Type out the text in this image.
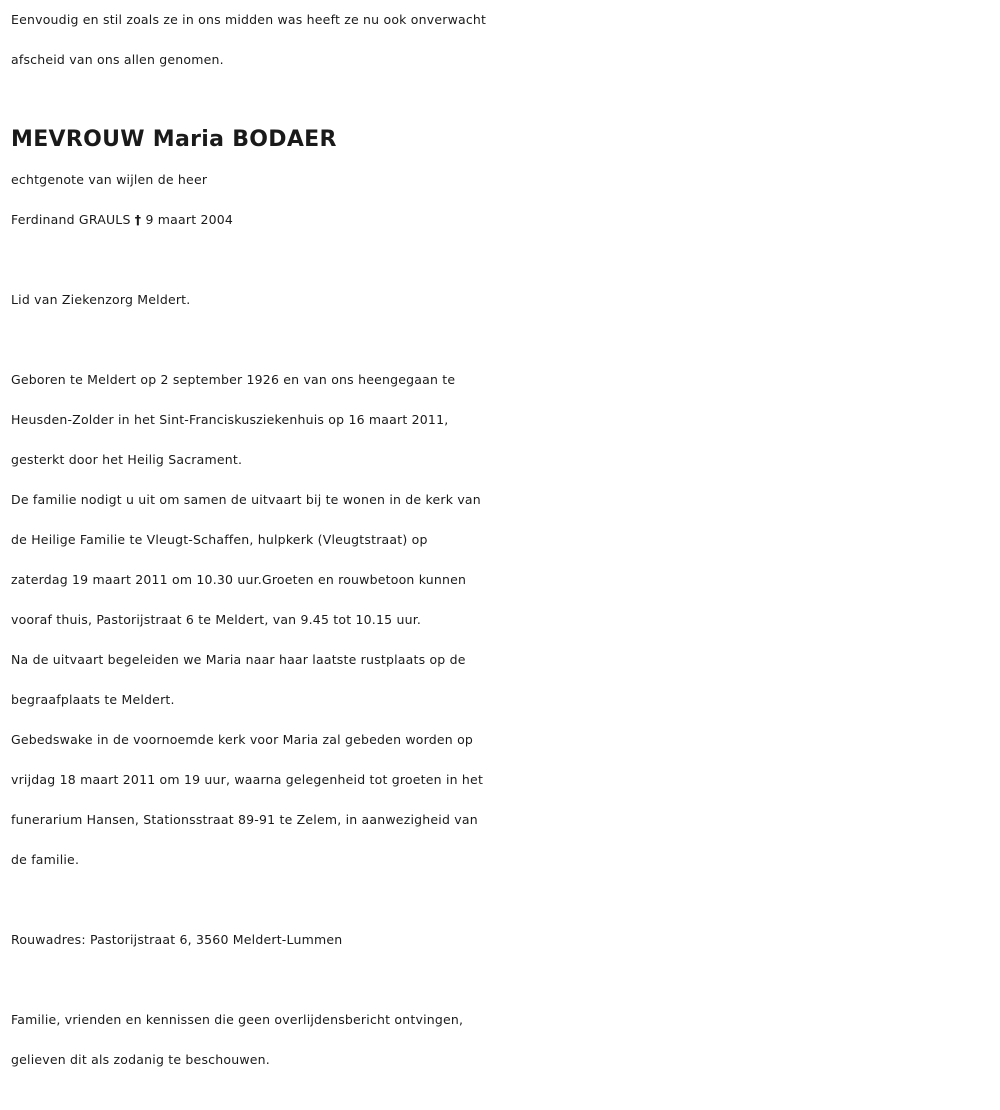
Eenvoudig en stil zoals ze in ons midden was heeft ze nu ook onverwacht
afscheid van ons allen genomen.
MEVROUW Maria BODAER
echtgenote van wijlen de heer
Ferdinand GRAULS † 9 maart 2004
Lid van Ziekenzorg Meldert.
Geboren te Meldert op 2 september 1926 en van ons heengegaan te
Heusden-Zolder in het Sint-Franciskusziekenhuis op 16 maart 2011,
gesterkt door het Heilig Sacrament.
De familie nodigt u uit om samen de uitvaart bij te wonen in de kerk van
de Heilige Familie te Vleugt-Schaffen, hulpkerk (Vleugtstraat) op
zaterdag 19 maart 2011 om 10.30 uur.Groeten en rouwbetoon kunnen
vooraf thuis, Pastorijstraat 6 te Meldert, van 9.45 tot 10.15 uur.
Na de uitvaart begeleiden we Maria naar haar laatste rustplaats op de
begraafplaats te Meldert.
Gebedswake in de voornoemde kerk voor Maria zal gebeden worden op
vrijdag 18 maart 2011 om 19 uur, waarna gelegenheid tot groeten in het
funerarium Hansen, Stationsstraat 89-91 te Zelem, in aanwezigheid van
de familie.
Rouwadres: Pastorijstraat 6, 3560 Meldert-Lummen
Familie, vrienden en kennissen die geen overlijdensbericht ontvingen,
gelieven dit als zodanig te beschouwen.
